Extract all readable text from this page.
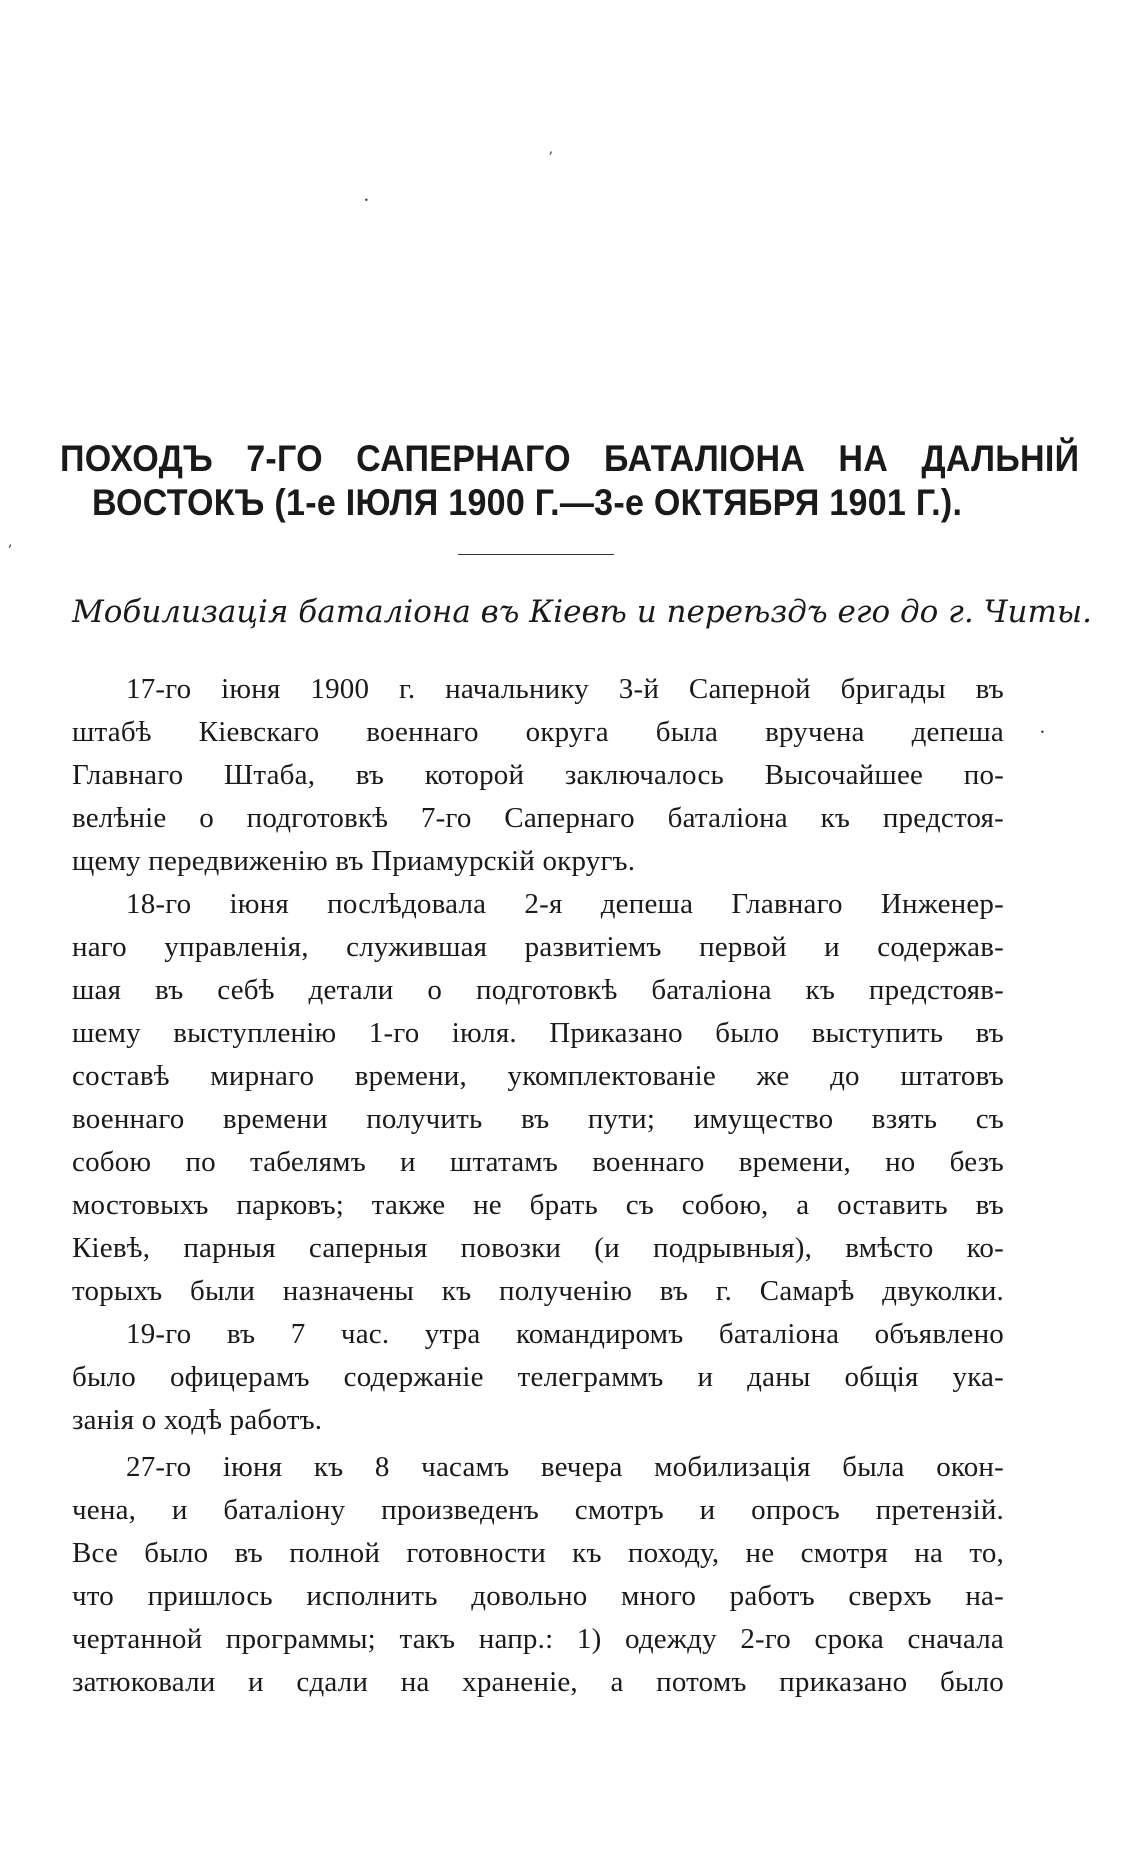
ʼ
•
,
•
ПОХОДЪ 7-ГО САПЕРНАГО БАТАЛІОНА НА ДАЛЬНІЙ
ВОСТОКЪ (1-е ІЮЛЯ 1900 Г.—3-е ОКТЯБРЯ 1901 Г.).
Мобилизація баталіона въ Кіевѣ и переѣздъ его до г. Читы.
17-го іюня 1900 г. начальнику 3-й Саперной бригады въ
штабѣ Кіевскаго военнаго округа была вручена депеша
Главнаго Штаба, въ которой заключалось Высочайшее по-
велѣніе о подготовкѣ 7-го Сапернаго баталіона къ предстоя-
щему передвиженію въ Приамурскій округъ.
18-го іюня послѣдовала 2-я депеша Главнаго Инженер-
наго управленія, служившая развитіемъ первой и содержав-
шая въ себѣ детали о подготовкѣ баталіона къ предстояв-
шему выступленію 1-го іюля. Приказано было выступить въ
составѣ мирнаго времени, укомплектованіе же до штатовъ
военнаго времени получить въ пути; имущество взять съ
собою по табелямъ и штатамъ военнаго времени, но безъ
мостовыхъ парковъ; также не брать съ собою, а оставить въ
Кіевѣ, парныя саперныя повозки (и подрывныя), вмѣсто ко-
торыхъ были назначены къ полученію въ г. Самарѣ двуколки.
19-го въ 7 час. утра командиромъ баталіона объявлено
было офицерамъ содержаніе телеграммъ и даны общія ука-
занія о ходѣ работъ.
27-го іюня къ 8 часамъ вечера мобилизація была окон-
чена, и баталіону произведенъ смотръ и опросъ претензій.
Все было въ полной готовности къ походу, не смотря на то,
что пришлось исполнить довольно много работъ сверхъ на-
чертанной программы; такъ напр.: 1) одежду 2-го срока сначала
затюковали и сдали на храненіе, а потомъ приказано было
